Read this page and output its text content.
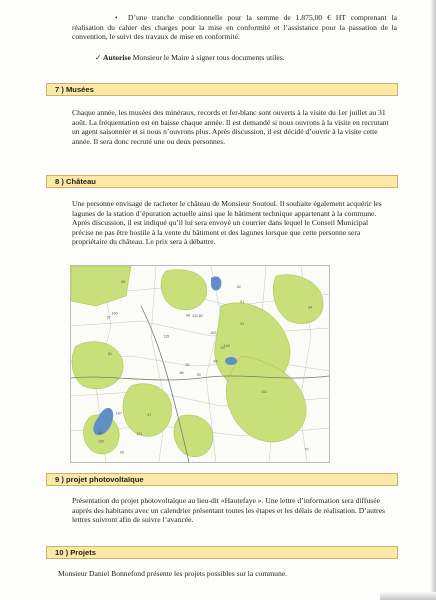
•	D’une tranche conditionnelle pour la somme de 1.875,00 € HT comprenant la réalisation du cahier des charges pour la mise en conformité et l’assistance pour la passation de la convention, le suivi des travaux de mise en conformité.

✓ Autorise Monsieur le Maire à signer tous documents utiles.

7 ) Musées

Chaque année, les musées des minéraux, records et fer-blanc sont ouverts à la visite du 1er juillet au 31 août. La fréquentation est en baisse chaque année. Il est demandé si nous ouvrons à la visite en recrutant un agent saisonnier et si nous n’ouvrons plus. Après discussion, il est décidé d’ouvrir à la visite cette année. Il sera donc recruté une ou deux personnes.

8 ) Château

Une personne envisage de racheter le château de Monsieur Soutoul. Il souhaite également acquérir les lagunes de la station d’épuration actuelle ainsi que le bâtiment technique appartenant à la commune. Après discussion, il est indiqué qu’il lui sera envoyé un courrier dans lequel le Conseil Municipal précise ne pas être hostile à la vente du bâtiment et des lagunes lorsque que cette personne sera propriétaire du château. Le prix sera à débattre.

33
37
39
40
43
47
52
60
61
64
68
70
81
84
86
91
93
98
102
107
115
120
123
131
140
151
160
9 ) projet photovoltaïque

Présentation du projet photovoltaïque au lieu-dit «Hautefaye ». Une lettre d’information sera diffusée auprès des habitants avec un calendrier présentant toutes les étapes et les délais de réalisation. D’autres lettres suivront afin de suivre l’avancée.

10 ) Projets

Monsieur Daniel Bonnefond présente les projets possibles sur la commune.
